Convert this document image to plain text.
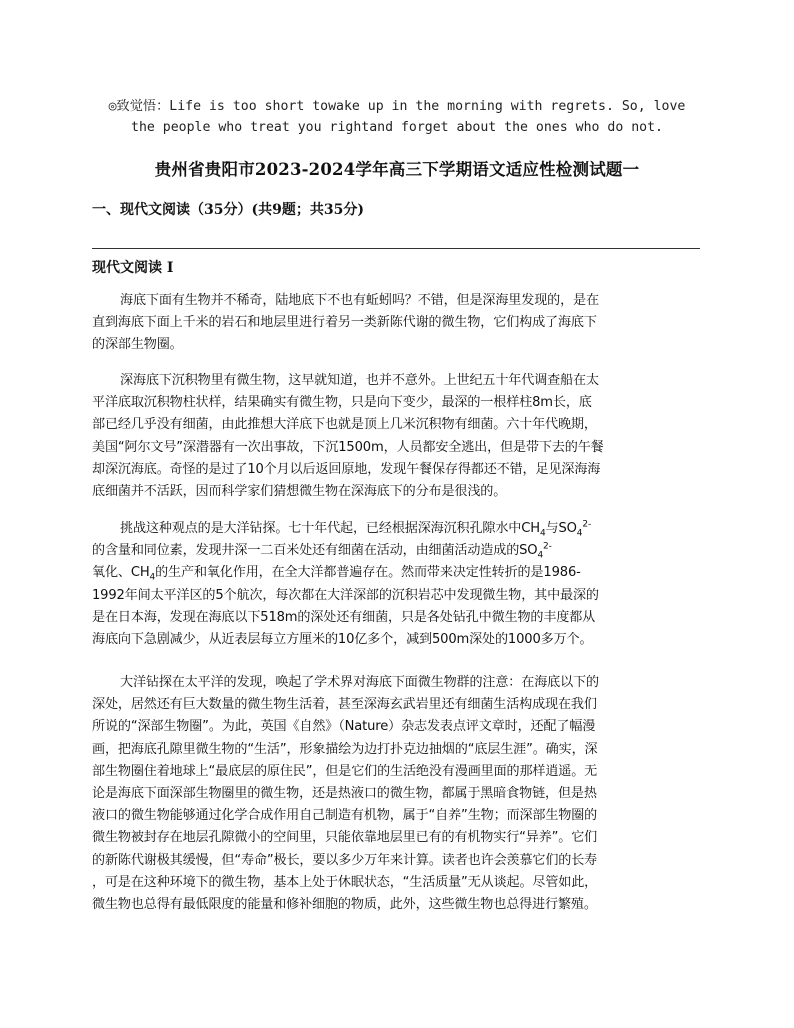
◎致觉悟：Life is too short towake up in the morning with regrets. So, love
the people who treat you rightand forget about the ones who do not.
贵州省贵阳市2023-2024学年高三下学期语文适应性检测试题一
一、现代文阅读（35分）(共9题；共35分)
现代文阅读 I
海底下面有生物并不稀奇，陆地底下不也有蚯蚓吗？不错，但是深海里发现的，是在
直到海底下面上千米的岩石和地层里进行着另一类新陈代谢的微生物，它们构成了海底下
的深部生物圈。
深海底下沉积物里有微生物，这早就知道，也并不意外。上世纪五十年代调查船在太
平洋底取沉积物柱状样，结果确实有微生物，只是向下变少，最深的一根样柱8m长，底
部已经几乎没有细菌，由此推想大洋底下也就是顶上几米沉积物有细菌。六十年代晚期，
美国“阿尔文号”深潜器有一次出事故，下沉1500m，人员都安全逃出，但是带下去的午餐
却深沉海底。奇怪的是过了10个月以后返回原地，发现午餐保存得都还不错，足见深海海
底细菌并不活跃，因而科学家们猜想微生物在深海底下的分布是很浅的。
挑战这种观点的是大洋钻探。七十年代起，已经根据深海沉积孔隙水中$CH_4$与$SO_4^{2-}$
的含量和同位素，发现井深一二百米处还有细菌在活动，由细菌活动造成的$SO_4^{2-}$
氧化、$CH_4$的生产和氧化作用，在全大洋都普遍存在。然而带来决定性转折的是1986-
1992年间太平洋区的5个航次，每次都在大洋深部的沉积岩芯中发现微生物，其中最深的
是在日本海，发现在海底以下518m的深处还有细菌，只是各处钻孔中微生物的丰度都从
海底向下急剧减少，从近表层每立方厘米的10亿多个，减到500m深处的1000多万个。
大洋钻探在太平洋的发现，唤起了学术界对海底下面微生物群的注意：在海底以下的
深处，居然还有巨大数量的微生物生活着，甚至深海玄武岩里还有细菌生活构成现在我们
所说的“深部生物圈”。为此，英国《自然》（Nature）杂志发表点评文章时，还配了幅漫
画，把海底孔隙里微生物的“生活”，形象描绘为边打扑克边抽烟的“底层生涯”。确实，深
部生物圈住着地球上“最底层的原住民”，但是它们的生活绝没有漫画里面的那样逍遥。无
论是海底下面深部生物圈里的微生物，还是热液口的微生物，都属于黑暗食物链，但是热
液口的微生物能够通过化学合成作用自己制造有机物，属于“自养”生物；而深部生物圈的
微生物被封存在地层孔隙微小的空间里，只能依靠地层里已有的有机物实行“异养”。它们
的新陈代谢极其缓慢，但“寿命”极长，要以多少万年来计算。读者也许会羡慕它们的长寿
，可是在这种环境下的微生物，基本上处于休眠状态，“生活质量”无从谈起。尽管如此，
微生物也总得有最低限度的能量和修补细胞的物质，此外，这些微生物也总得进行繁殖。
